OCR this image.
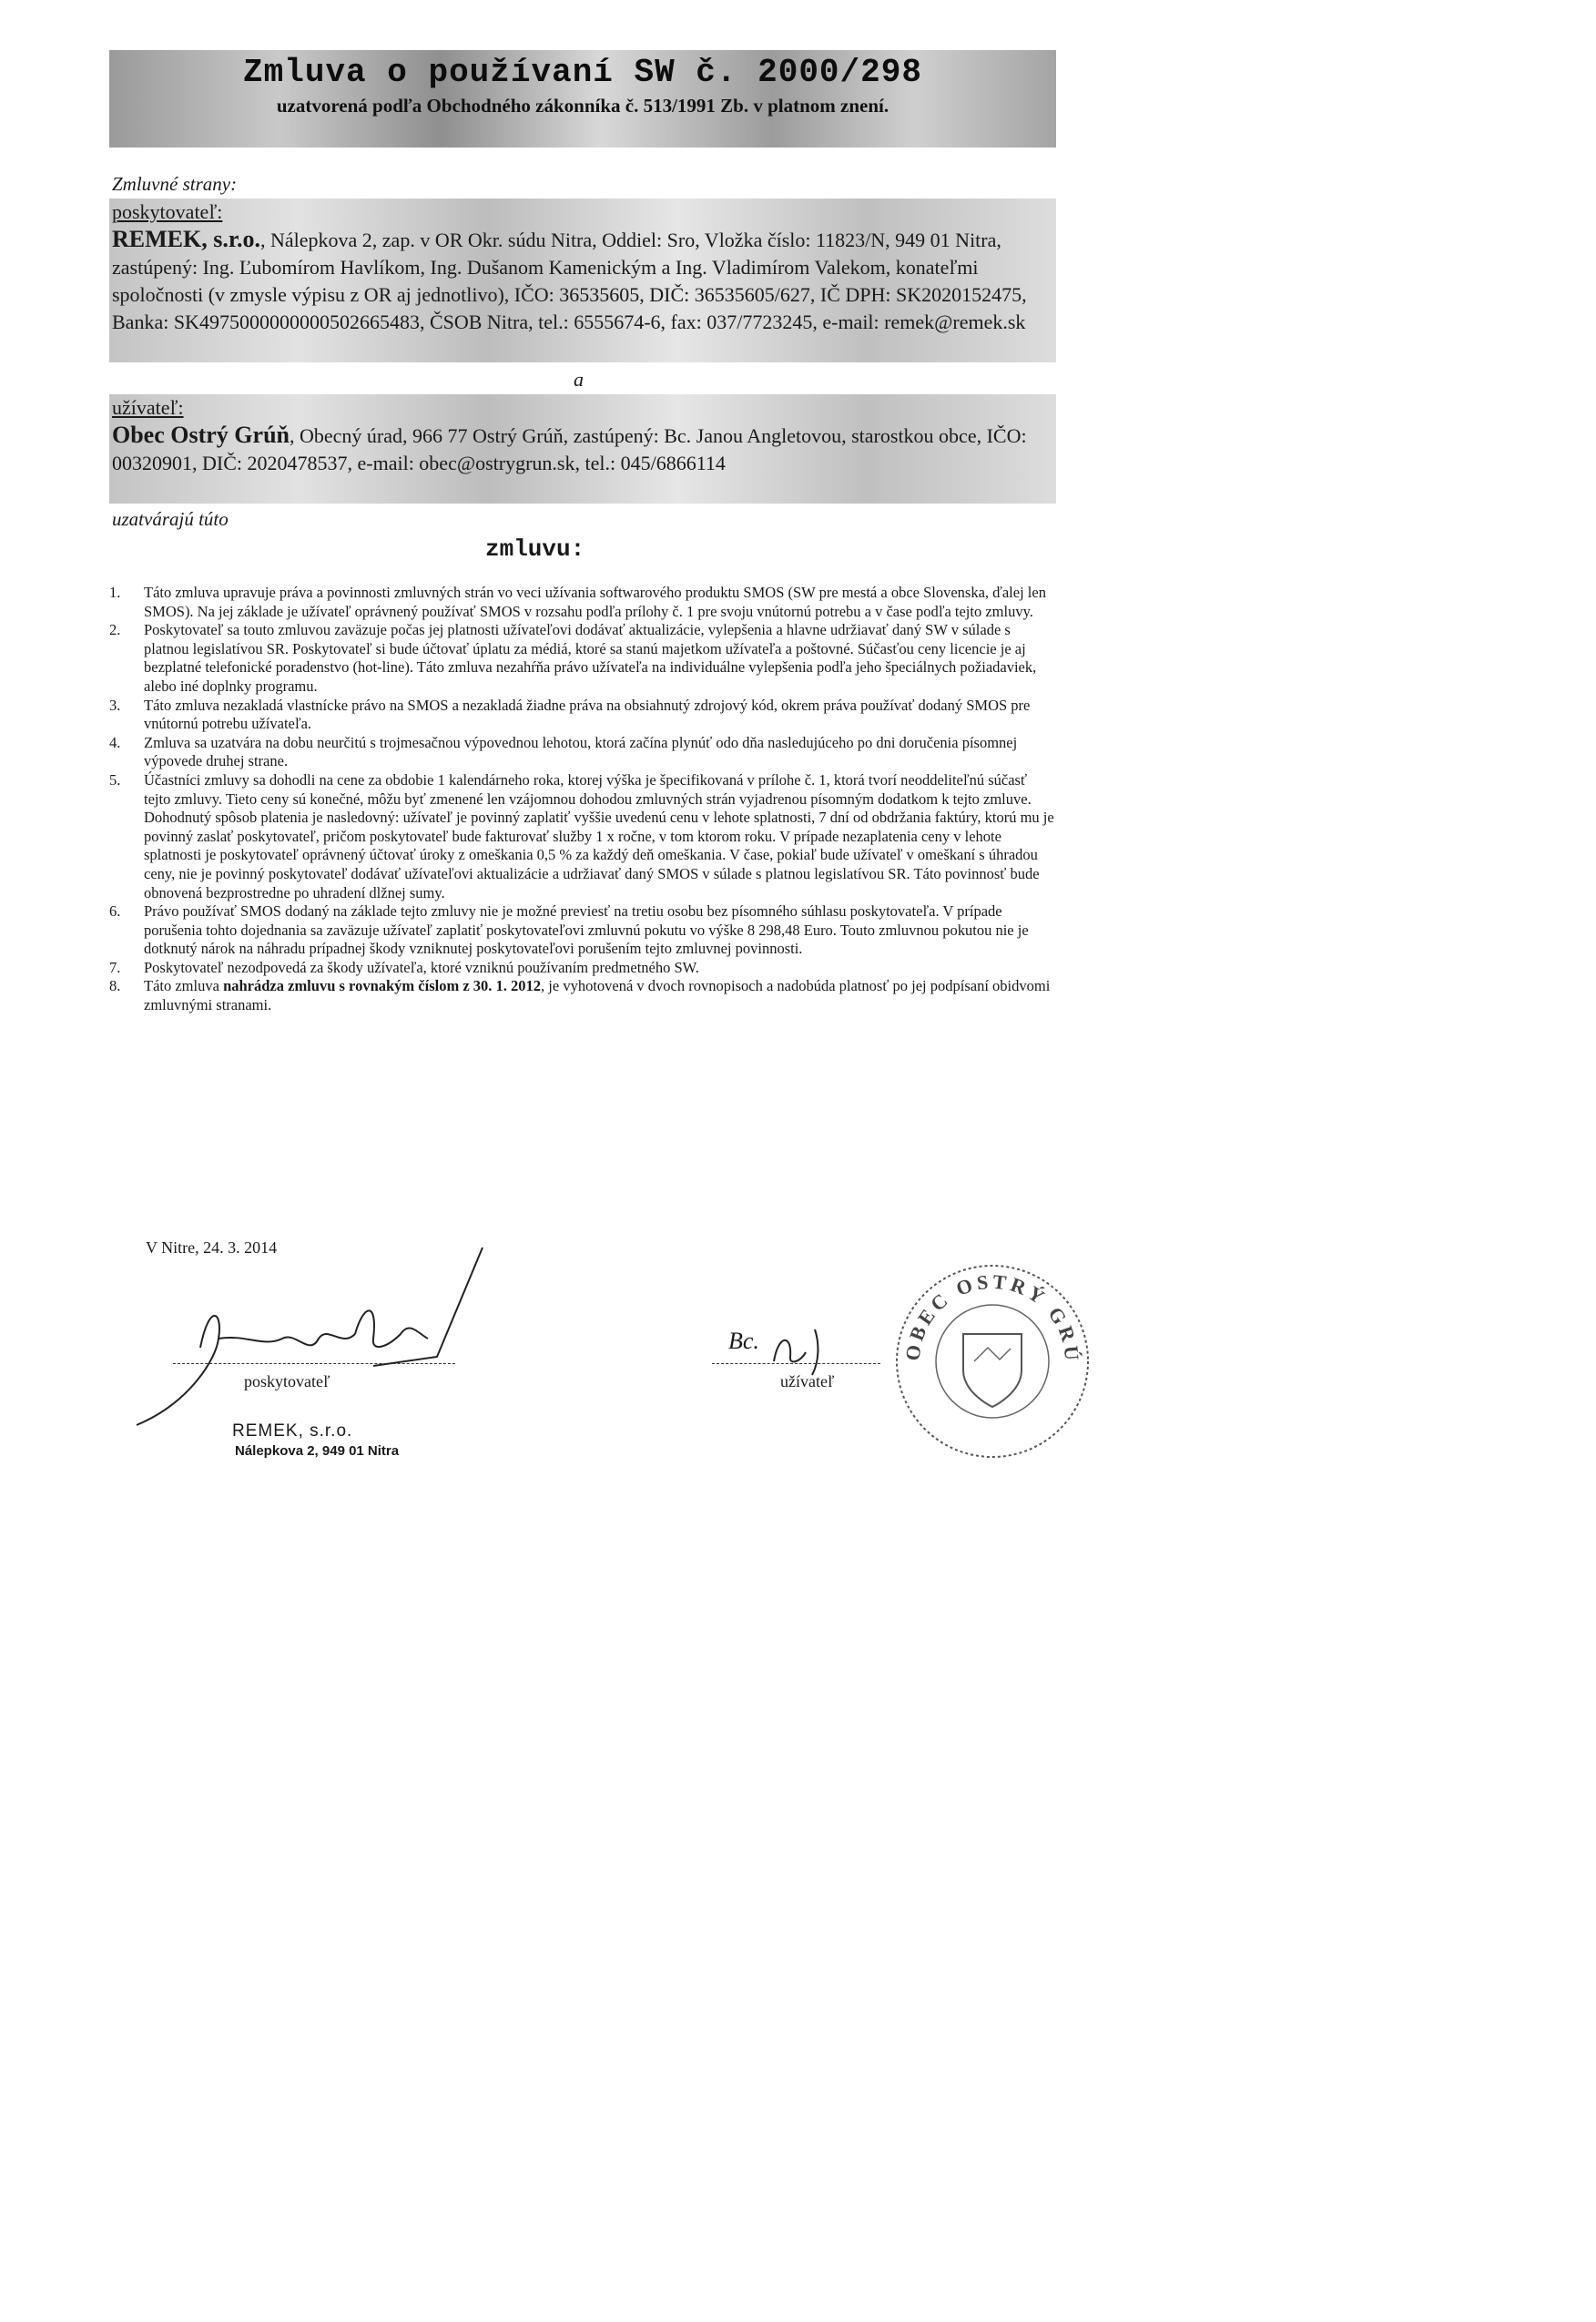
Zmluva o používaní SW č. 2000/298
uzatvorená podľa Obchodného zákonníka č. 513/1991 Zb. v platnom znení.
Zmluvné strany:
poskytovateľ:
REMEK, s.r.o., Nálepkova 2, zap. v OR Okr. súdu Nitra, Oddiel: Sro, Vložka číslo: 11823/N, 949 01 Nitra, zastúpený: Ing. Ľubomírom Havlíkom, Ing. Dušanom Kamenickým a Ing. Vladimírom Valekom, konateľmi spoločnosti (v zmysle výpisu z OR aj jednotlivo), IČO: 36535605, DIČ: 36535605/627, IČ DPH: SK2020152475, Banka: SK4975000000000502665483, ČSOB Nitra, tel.: 6555674-6, fax: 037/7723245, e-mail: remek@remek.sk
a
užívateľ:
Obec Ostrý Grúň, Obecný úrad, 966 77 Ostrý Grúň, zastúpený: Bc. Janou Angletovou, starostkou obce, IČO: 00320901, DIČ: 2020478537, e-mail: obec@ostrygrun.sk, tel.: 045/6866114
uzatvárajú túto
zmluvu:
1. Táto zmluva upravuje práva a povinnosti zmluvných strán vo veci užívania softwarového produktu SMOS (SW pre mestá a obce Slovenska, ďalej len SMOS). Na jej základe je užívateľ oprávnený používať SMOS v rozsahu podľa prílohy č. 1 pre svoju vnútornú potrebu a v čase podľa tejto zmluvy.
2. Poskytovateľ sa touto zmluvou zaväzuje počas jej platnosti užívateľovi dodávať aktualizácie, vylepšenia a hlavne udržiavať daný SW v súlade s platnou legislatívou SR. Poskytovateľ si bude účtovať úplatu za médiá, ktoré sa stanú majetkom užívateľa a poštovné. Súčasťou ceny licencie je aj bezplatné telefonické poradenstvo (hot-line). Táto zmluva nezahŕňa právo užívateľa na individuálne vylepšenia podľa jeho špeciálnych požiadaviek, alebo iné doplnky programu.
3. Táto zmluva nezakladá vlastnícke právo na SMOS a nezakladá žiadne práva na obsiahnutý zdrojový kód, okrem práva používať dodaný SMOS pre vnútornú potrebu užívateľa.
4. Zmluva sa uzatvára na dobu neurčitú s trojmesačnou výpovednou lehotou, ktorá začína plynúť odo dňa nasledujúceho po dni doručenia písomnej výpovede druhej strane.
5. Účastníci zmluvy sa dohodli na cene za obdobie 1 kalendárneho roka, ktorej výška je špecifikovaná v prílohe č. 1, ktorá tvorí neoddeliteľnú súčasť tejto zmluvy. Tieto ceny sú konečné, môžu byť zmenené len vzájomnou dohodou zmluvných strán vyjadrenou písomným dodatkom k tejto zmluve.
Dohodnutý spôsob platenia je nasledovný: užívateľ je povinný zaplatiť vyššie uvedenú cenu v lehote splatnosti, 7 dní od obdržania faktúry, ktorú mu je povinný zaslať poskytovateľ, pričom poskytovateľ bude fakturovať služby 1 x ročne, v tom ktorom roku. V prípade nezaplatenia ceny v lehote splatnosti je poskytovateľ oprávnený účtovať úroky z omeškania 0,5 % za každý deň omeškania. V čase, pokiaľ bude užívateľ v omeškaní s úhradou ceny, nie je povinný poskytovateľ dodávať užívateľovi aktualizácie a udržiavať daný SMOS v súlade s platnou legislatívou SR. Táto povinnosť bude obnovená bezprostredne po uhradení dlžnej sumy.
6. Právo používať SMOS dodaný na základe tejto zmluvy nie je možné previesť na tretiu osobu bez písomného súhlasu poskytovateľa. V prípade porušenia tohto dojednania sa zaväzuje užívateľ zaplatiť poskytovateľovi zmluvnú pokutu vo výške 8 298,48 Euro. Touto zmluvnou pokutou nie je dotknutý nárok na náhradu prípadnej škody vzniknutej poskytovateľovi porušením tejto zmluvnej povinnosti.
7. Poskytovateľ nezodpovedá za škody užívateľa, ktoré vzniknú používaním predmetného SW.
8. Táto zmluva nahrádza zmluvu s rovnakým číslom z 30. 1. 2012, je vyhotovená v dvoch rovnopisoch a nadobúda platnosť po jej podpísaní obidvomi zmluvnými stranami.
V Nitre, 24. 3. 2014
poskytovateľ
REMEK, s.r.o.
Nálepkova 2, 949 01 Nitra
Bc.
užívateľ
OBEC OSTRÝ GRÚŇ
